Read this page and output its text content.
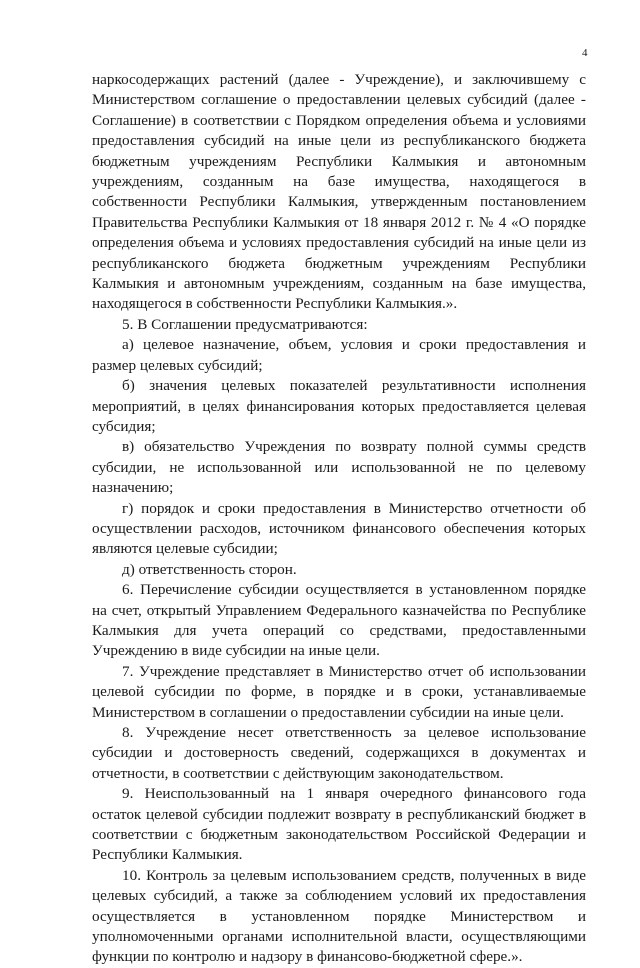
4

наркосодержащих растений (далее - Учреждение), и заключившему с Министерством соглашение о предоставлении целевых субсидий (далее - Соглашение) в соответствии с Порядком определения объема и условиями предоставления субсидий на иные цели из республиканского бюджета бюджетным учреждениям Республики Калмыкия и автономным учреждениям, созданным на базе имущества, находящегося в собственности Республики Калмыкия, утвержденным постановлением Правительства Республики Калмыкия от 18 января 2012 г. № 4 «О порядке определения объема и условиях предоставления субсидий на иные цели из республиканского бюджета бюджетным учреждениям Республики Калмыкия и автономным учреждениям, созданным на базе имущества, находящегося в собственности Республики Калмыкия.».

5. В Соглашении предусматриваются:

а) целевое назначение, объем, условия и сроки предоставления и размер целевых субсидий;

б) значения целевых показателей результативности исполнения мероприятий, в целях финансирования которых предоставляется целевая субсидия;

в) обязательство Учреждения по возврату полной суммы средств субсидии, не использованной или использованной не по целевому назначению;

г) порядок и сроки предоставления в Министерство отчетности об осуществлении расходов, источником финансового обеспечения которых являются целевые субсидии;

д) ответственность сторон.

6. Перечисление субсидии осуществляется в установленном порядке на счет, открытый Управлением Федерального казначейства по Республике Калмыкия для учета операций со средствами, предоставленными Учреждению в виде субсидии на иные цели.

7. Учреждение представляет в Министерство отчет об использовании целевой субсидии по форме, в порядке и в сроки, устанавливаемые Министерством в соглашении о предоставлении субсидии на иные цели.

8. Учреждение несет ответственность за целевое использование субсидии и достоверность сведений, содержащихся в документах и отчетности, в соответствии с действующим законодательством.

9. Неиспользованный на 1 января очередного финансового года остаток целевой субсидии подлежит возврату в республиканский бюджет в соответствии с бюджетным законодательством Российской Федерации и Республики Калмыкия.

10. Контроль за целевым использованием средств, полученных в виде целевых субсидий, а также за соблюдением условий их предоставления осуществляется в установленном порядке Министерством и уполномоченными органами исполнительной власти, осуществляющими функции по контролю и надзору в финансово-бюджетной сфере.».
